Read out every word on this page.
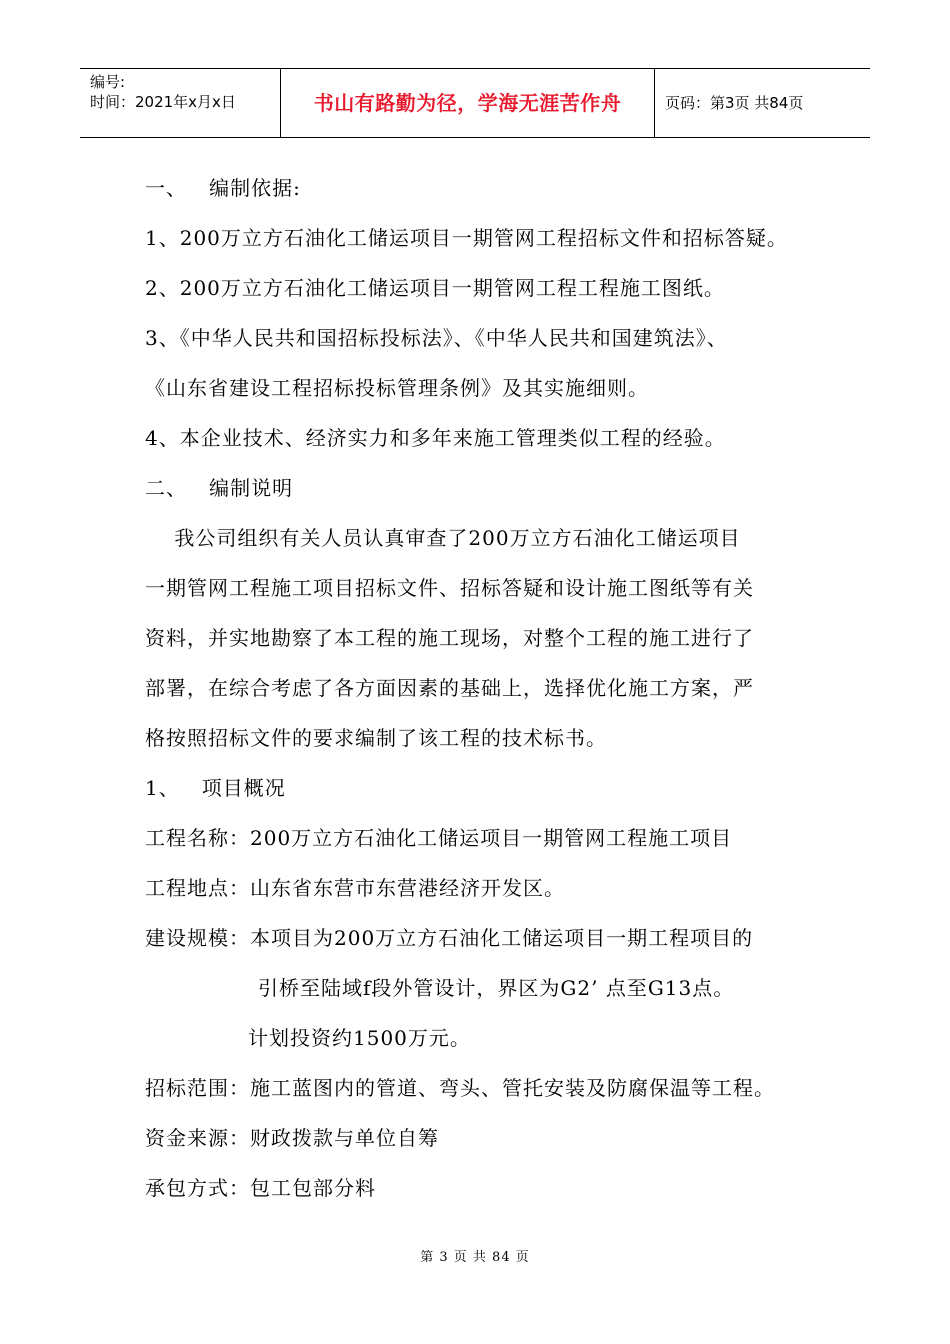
编号:
时间：2021年x月x日	书山有路勤为径，学海无涯苦作舟	页码：第3页 共84页
一、   编制依据:
1、200万立方石油化工储运项目一期管网工程招标文件和招标答疑。
2、200万立方石油化工储运项目一期管网工程工程施工图纸。
3、《中华人民共和国招标投标法》、《中华人民共和国建筑法》、
《山东省建设工程招标投标管理条例》及其实施细则。
4、本企业技术、经济实力和多年来施工管理类似工程的经验。
二、   编制说明
我公司组织有关人员认真审查了200万立方石油化工储运项目
一期管网工程施工项目招标文件、招标答疑和设计施工图纸等有关
资料，并实地勘察了本工程的施工现场，对整个工程的施工进行了
部署，在综合考虑了各方面因素的基础上，选择优化施工方案，严
格按照招标文件的要求编制了该工程的技术标书。
1、   项目概况
工程名称：200万立方石油化工储运项目一期管网工程施工项目
工程地点：山东省东营市东营港经济开发区。
建设规模：本项目为200万立方石油化工储运项目一期工程项目的
引桥至陆域f段外管设计，界区为G2’ 点至G13点。
计划投资约1500万元。
招标范围：施工蓝图内的管道、弯头、管托安装及防腐保温等工程。
资金来源：财政拨款与单位自筹
承包方式：包工包部分料
第 3 页 共 84 页
